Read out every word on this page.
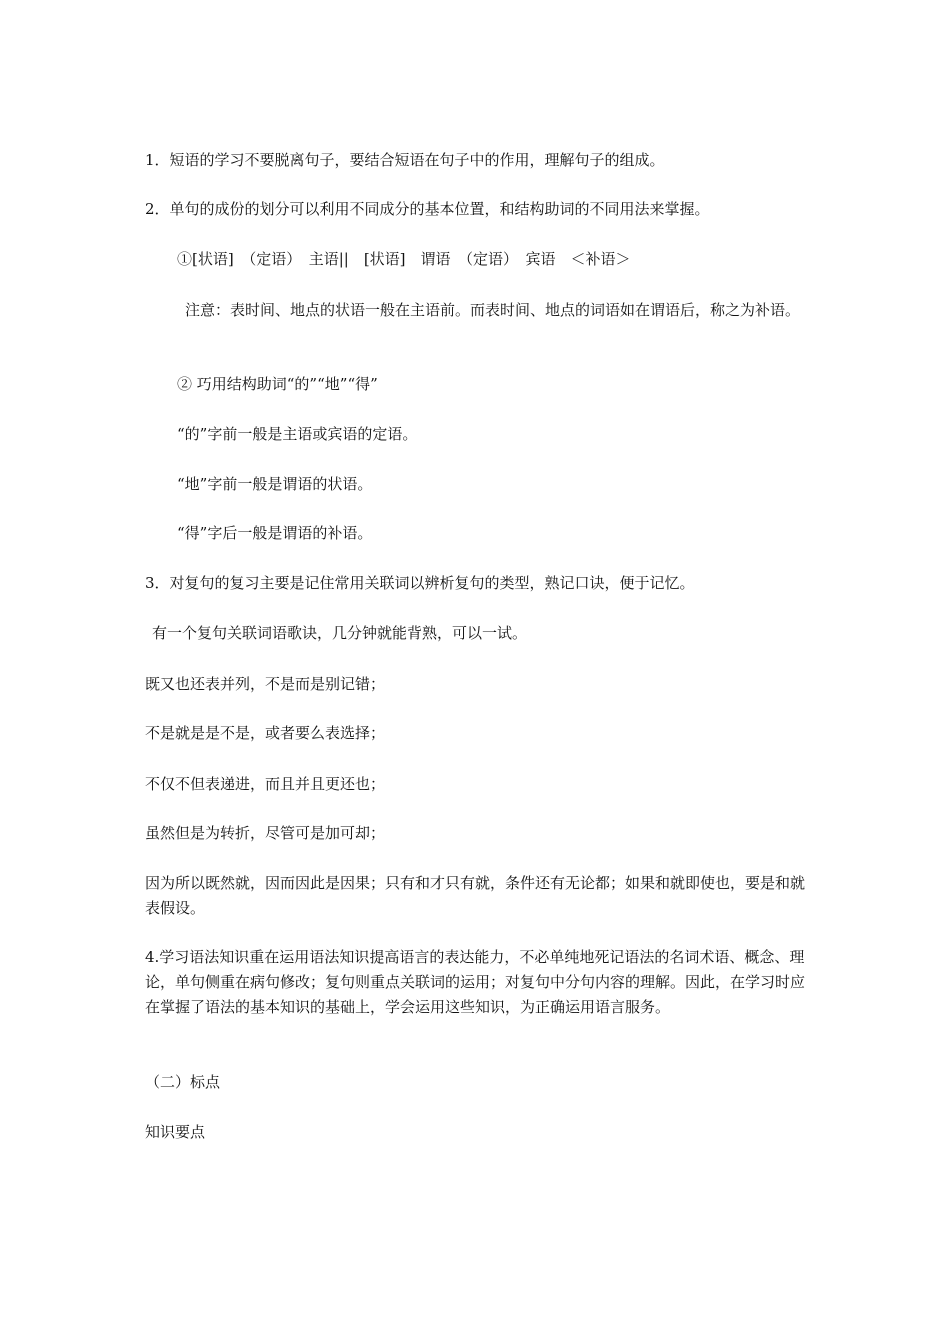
1．短语的学习不要脱离句子，要结合短语在句子中的作用，理解句子的组成。
2．单句的成份的划分可以利用不同成分的基本位置，和结构助词的不同用法来掌握。
①[状语]　（定语）　主语||　[状语]　谓语　（定语）　宾语　＜补语＞
注意：表时间、地点的状语一般在主语前。而表时间、地点的词语如在谓语后，称之为补语。
② 巧用结构助词“的”“地”“得”
“的”字前一般是主语或宾语的定语。
“地”字前一般是谓语的状语。
“得”字后一般是谓语的补语。
3．对复句的复习主要是记住常用关联词以辨析复句的类型，熟记口诀，便于记忆。
有一个复句关联词语歌诀，几分钟就能背熟，可以一试。
既又也还表并列，不是而是别记错；
不是就是是不是，或者要么表选择；
不仅不但表递进，而且并且更还也；
虽然但是为转折，尽管可是加可却；
因为所以既然就，因而因此是因果；只有和才只有就，条件还有无论都；如果和就即使也，要是和就表假设。
4.学习语法知识重在运用语法知识提高语言的表达能力，不必单纯地死记语法的名词术语、概念、理论，单句侧重在病句修改；复句则重点关联词的运用；对复句中分句内容的理解。因此，在学习时应在掌握了语法的基本知识的基础上，学会运用这些知识，为正确运用语言服务。
（二）标点
知识要点
